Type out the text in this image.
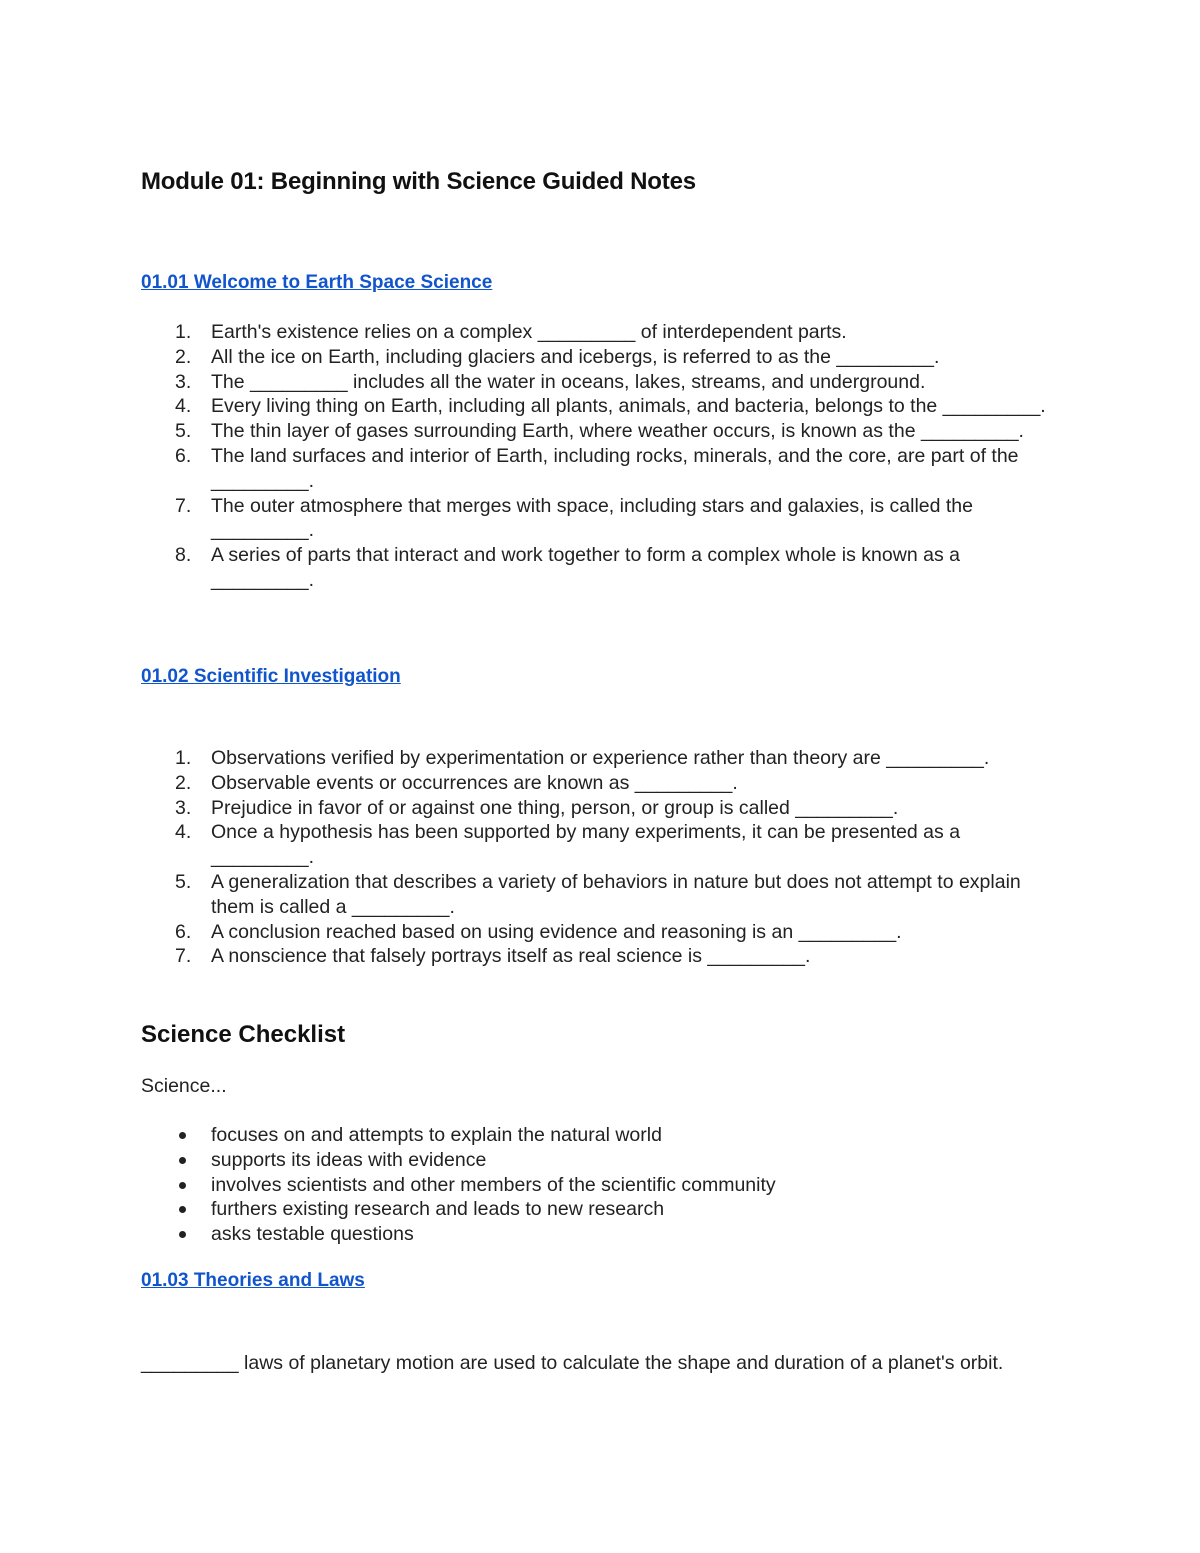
Module 01: Beginning with Science Guided Notes
01.01 Welcome to Earth Space Science
1.	Earth's existence relies on a complex _________ of interdependent parts.
2.	All the ice on Earth, including glaciers and icebergs, is referred to as the _________.
3.	The _________ includes all the water in oceans, lakes, streams, and underground.
4.	Every living thing on Earth, including all plants, animals, and bacteria, belongs to the _________.
5.	The thin layer of gases surrounding Earth, where weather occurs, is known as the _________.
6.	The land surfaces and interior of Earth, including rocks, minerals, and the core, are part of the _________.
7.	The outer atmosphere that merges with space, including stars and galaxies, is called the _________.
8.	A series of parts that interact and work together to form a complex whole is known as a _________.
01.02 Scientific Investigation
1.	Observations verified by experimentation or experience rather than theory are _________.
2.	Observable events or occurrences are known as _________.
3.	Prejudice in favor of or against one thing, person, or group is called _________.
4.	Once a hypothesis has been supported by many experiments, it can be presented as a _________.
5.	A generalization that describes a variety of behaviors in nature but does not attempt to explain them is called a _________.
6.	A conclusion reached based on using evidence and reasoning is an _________.
7.	A nonscience that falsely portrays itself as real science is _________.
Science Checklist

Science...

focuses on and attempts to explain the natural world
supports its ideas with evidence
involves scientists and other members of the scientific community
furthers existing research and leads to new research
asks testable questions
01.03 Theories and Laws

_________ laws of planetary motion are used to calculate the shape and duration of a planet's orbit.
